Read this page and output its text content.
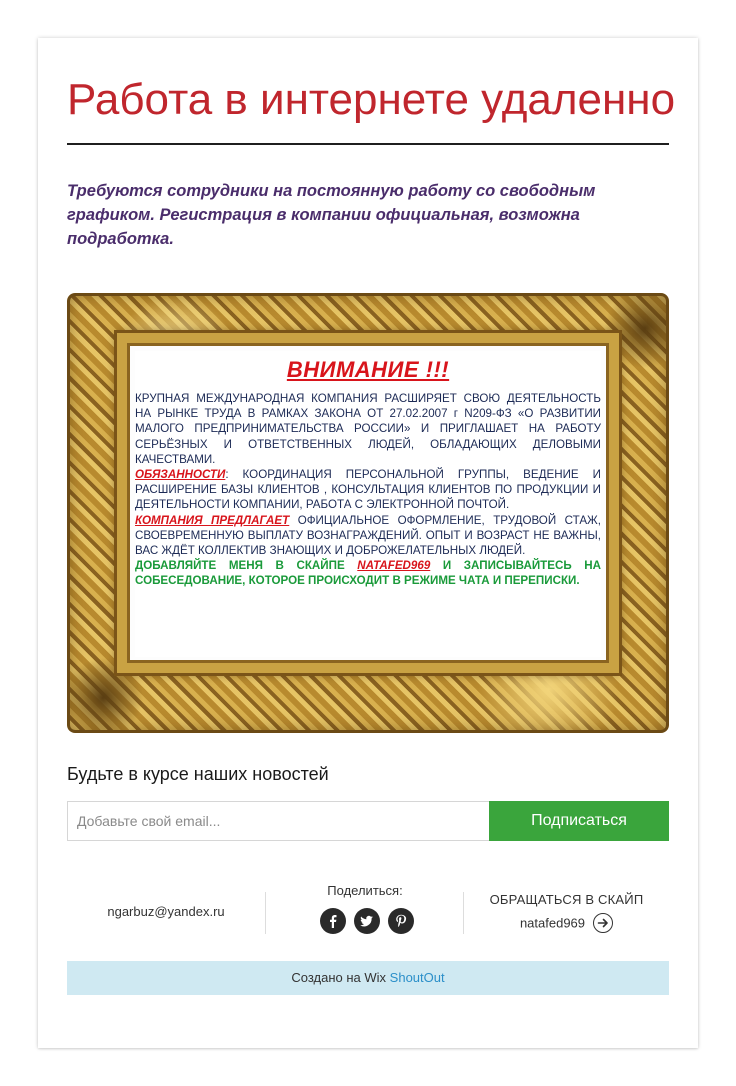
Работа в интернете удаленно

Требуются сотрудники на постоянную работу со свободным графиком. Регистрация в компании официальная, возможна подработка.

ВНИМАНИЕ !!!

КРУПНАЯ МЕЖДУНАРОДНАЯ КОМПАНИЯ РАСШИРЯЕТ СВОЮ ДЕЯТЕЛЬНОСТЬ НА РЫНКЕ ТРУДА В РАМКАХ ЗАКОНА ОТ 27.02.2007 г N209-ФЗ «О РАЗВИТИИ МАЛОГО ПРЕДПРИНИМАТЕЛЬСТВА РОССИИ» И ПРИГЛАШАЕТ НА РАБОТУ СЕРЬЁЗНЫХ И ОТВЕТСТВЕННЫХ ЛЮДЕЙ, ОБЛАДАЮЩИХ ДЕЛОВЫМИ КАЧЕСТВАМИ.

ОБЯЗАННОСТИ: КООРДИНАЦИЯ ПЕРСОНАЛЬНОЙ ГРУППЫ, ВЕДЕНИЕ И РАСШИРЕНИЕ БАЗЫ КЛИЕНТОВ , КОНСУЛЬТАЦИЯ КЛИЕНТОВ ПО ПРОДУКЦИИ И ДЕЯТЕЛЬНОСТИ КОМПАНИИ, РАБОТА С ЭЛЕКТРОННОЙ ПОЧТОЙ.

КОМПАНИЯ ПРЕДЛАГАЕТ ОФИЦИАЛЬНОЕ ОФОРМЛЕНИЕ, ТРУДОВОЙ СТАЖ, СВОЕВРЕМЕННУЮ ВЫПЛАТУ ВОЗНАГРАЖДЕНИЙ. ОПЫТ И ВОЗРАСТ НЕ ВАЖНЫ, ВАС ЖДЁТ КОЛЛЕКТИВ ЗНАЮЩИХ И ДОБРОЖЕЛАТЕЛЬНЫХ ЛЮДЕЙ.

ДОБАВЛЯЙТЕ МЕНЯ В СКАЙПЕ NATAFED969 И ЗАПИСЫВАЙТЕСЬ НА СОБЕСЕДОВАНИЕ, КОТОРОЕ ПРОИСХОДИТ В РЕЖИМЕ ЧАТА И ПЕРЕПИСКИ.

Будьте в курсе наших новостей
Добавьте свой email...
Подписаться
ngarbuz@yandex.ru
Поделиться:
ОБРАЩАТЬСЯ В СКАЙП
natafed969
Создано на Wix ShoutOut
